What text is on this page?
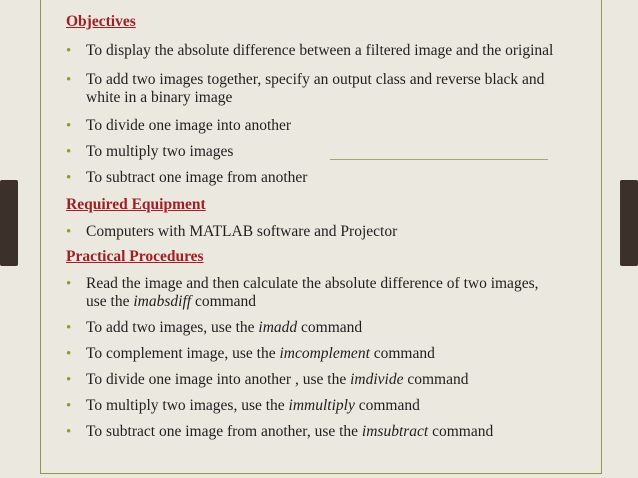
Objectives
• To display the absolute difference between a filtered image and the original
• To add two images together, specify an output class and reverse black and
white in a binary image
• To divide one image into another
• To multiply two images
• To subtract one image from another
Required Equipment
• Computers with MATLAB software and Projector
Practical Procedures
• Read the image and then calculate the absolute difference of two images,
use the imabsdiff command
• To add two images, use the imadd command
• To complement image, use the imcomplement command
• To divide one image into another , use the imdivide command
• To multiply two images, use the immultiply command
• To subtract one image from another, use the imsubtract command
